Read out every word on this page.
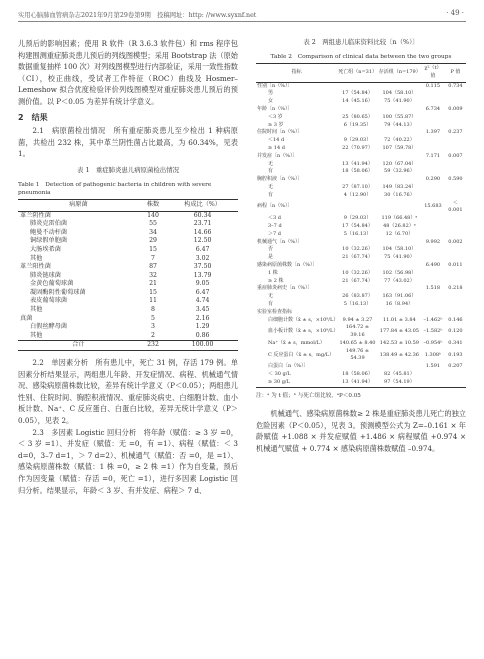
实用心脑肺血管病杂志2021年9月第29卷第9期　投稿网址：http: //www.syxnf.net	· 49 ·

儿预后的影响因素；使用 R 软件（R 3.6.3 软件包）和 rms 程序包构建围测重症肺炎患儿预后的列线图模型；采用 Bootstrap 法（原始数据重复抽样 100 次）对列线图模型进行内部验证，采用一致性指数（CI），校正曲线，受试者工作特征（ROC）曲线及 Hosmer–Lemeshow 拟合优度检验评价列线图模型对重症肺炎患儿预后的预测价值。以 P＜0.05 为差异有统计学意义。

2　结果

2.1　病原菌检出情况　所有重症肺炎患儿至少检出 1 种病原菌，共检出 232 株，其中革兰阴性菌占比最高，为 60.34%，见表 1。

表 1　重症肺炎患儿病原菌检出情况
Table 1　Detection of pathogenic bacteria in children with severe pneumonia
病原菌	株数	构成比（%）
革兰阴性菌	140	60.34
肺炎克雷伯菌	55	23.71
鲍曼不动杆菌	34	14.66
铜绿假单胞菌	29	12.50
大肠埃希菌	15	6.47
其他	7	3.02
革兰阳性菌	87	37.50
肺炎链球菌	32	13.79
金黄色葡萄球菌	21	9.05
凝固酶阴性葡萄球菌	15	6.47
表皮葡萄球菌	11	4.74
其他	8	3.45
真菌	5	2.16
白假丝酵母菌	3	1.29
其他	2	0.86
合计	232	100.00

2.2　单因素分析　所有患儿中，死亡 31 例，存活 179 例。单因素分析结果显示，两组患儿年龄、开发症情况、病程、机械通气情况、感染病原菌株数比较，差异有统计学意义（P＜0.05）；两组患儿性别、住院时间、胸腔积液情况、重症肺炎病史、白细胞计数、血小板计数、Na⁺、C 反应蛋白、白蛋白比较，差异无统计学意义（P＞0.05），见表 2。

2.3　多因素 Logistic 回归分析　将年龄（赋值：≥ 3 岁 =0，＜ 3 岁 =1）、并发症（赋值：无 =0，有 =1）、病程（赋值：＜ 3 d=0，3–7 d=1，＞ 7 d=2）、机械通气（赋值：否 =0，是 =1）、感染病原菌株数（赋值：1 株 =0，≥ 2 株 =1）作为自变量，预后作为因变量（赋值：存活 =0，死亡 =1），进行多因素 Logistic 回归分析。结果显示，年龄＜ 3 岁、有并发症、病程＞ 7 d、

表 2　两组患儿临床资料比较〔n（%）〕
Table 2　Comparison of clinical data between the two groups
指标	死亡组（n=31）	存活组（n=179）	χ²（t）值	P 值
性别〔n（%）〕			0.115	0.734
男	17（54.84）	104（58.10）		
女	14（45.16）	75（41.90）		
年龄〔n（%）〕			6.734	0.009
＜3 岁	25（80.65）	100（55.87）		
≥ 3 岁	6（19.35）	79（44.13）		
住院时间〔n（%）〕			1.397	0.237
＜14 d	9（29.03）	72（40.22）		
≥ 14 d	22（70.97）	107（59.78）		
并发症〔n（%）〕			7.171	0.007
无	13（41.94）	120（67.04）		
有	18（58.06）	59（32.96）		
胸腔积液〔n（%）〕			0.290	0.590
无	27（87.10）	149（83.24）		
有	4（12.90）	30（16.76）		
病程〔n（%）〕			15.683	＜0.001
＜3 d	9（29.03）	119（66.48）ᵃ		
3–7 d	17（54.84）	48（26.82）ᵃ		
＞7 d	5（16.13）	12（6.70）		
机械通气〔n（%）〕			9.992	0.002
否	10（32.26）	104（58.10）		
是	21（67.74）	75（41.90）		
感染病原菌株数〔n（%）〕			6.490	0.011
1 株	10（32.26）	102（56.98）		
≥ 2 株	21（67.74）	77（43.02）		
重症肺炎病史〔n（%）〕			1.518	0.218
无	26（83.87）	163（91.06）		
有	5（16.13）	16（8.94）		
实验室检查指标				
白细胞计数（x̄ ± s，×10⁹/L）	9.94 ± 3.27	11.01 ± 3.84	–1.462ᵇ	0.146
血小板计数（x̄ ± s，×10⁹/L）	164.72 ± 39.16	177.84 ± 43.05	–1.582ᵇ	0.120
Na⁺（x̄ ± s，mmol/L）	140.65 ± 8.40	142.53 ± 10.59	–0.954ᵇ	0.341
C 反应蛋白（x̄ ± s，mg/L）	149.76 ± 54.39	138.49 ± 42.36	1.308ᵇ	0.193
白蛋白〔n（%）〕			1.591	0.207
＜ 30 g/L	18（58.06）	82（45.81）		
≥ 30 g/L	13（41.94）	97（54.19）		
注：ᵃ 为 t 值；ᵇ 与死亡组比较，ᵃP＜0.05

机械通气、感染病原菌株数≥ 2 株是重症肺炎患儿死亡的独立危险因素（P＜0.05），见表 3。预测模型公式为 Z=–0.161 × 年龄赋值 +1.088 × 并发症赋值 +1.486 × 病程赋值 +0.974 × 机械通气赋值 + 0.774 × 感染病原菌株数赋值 –0.974。
